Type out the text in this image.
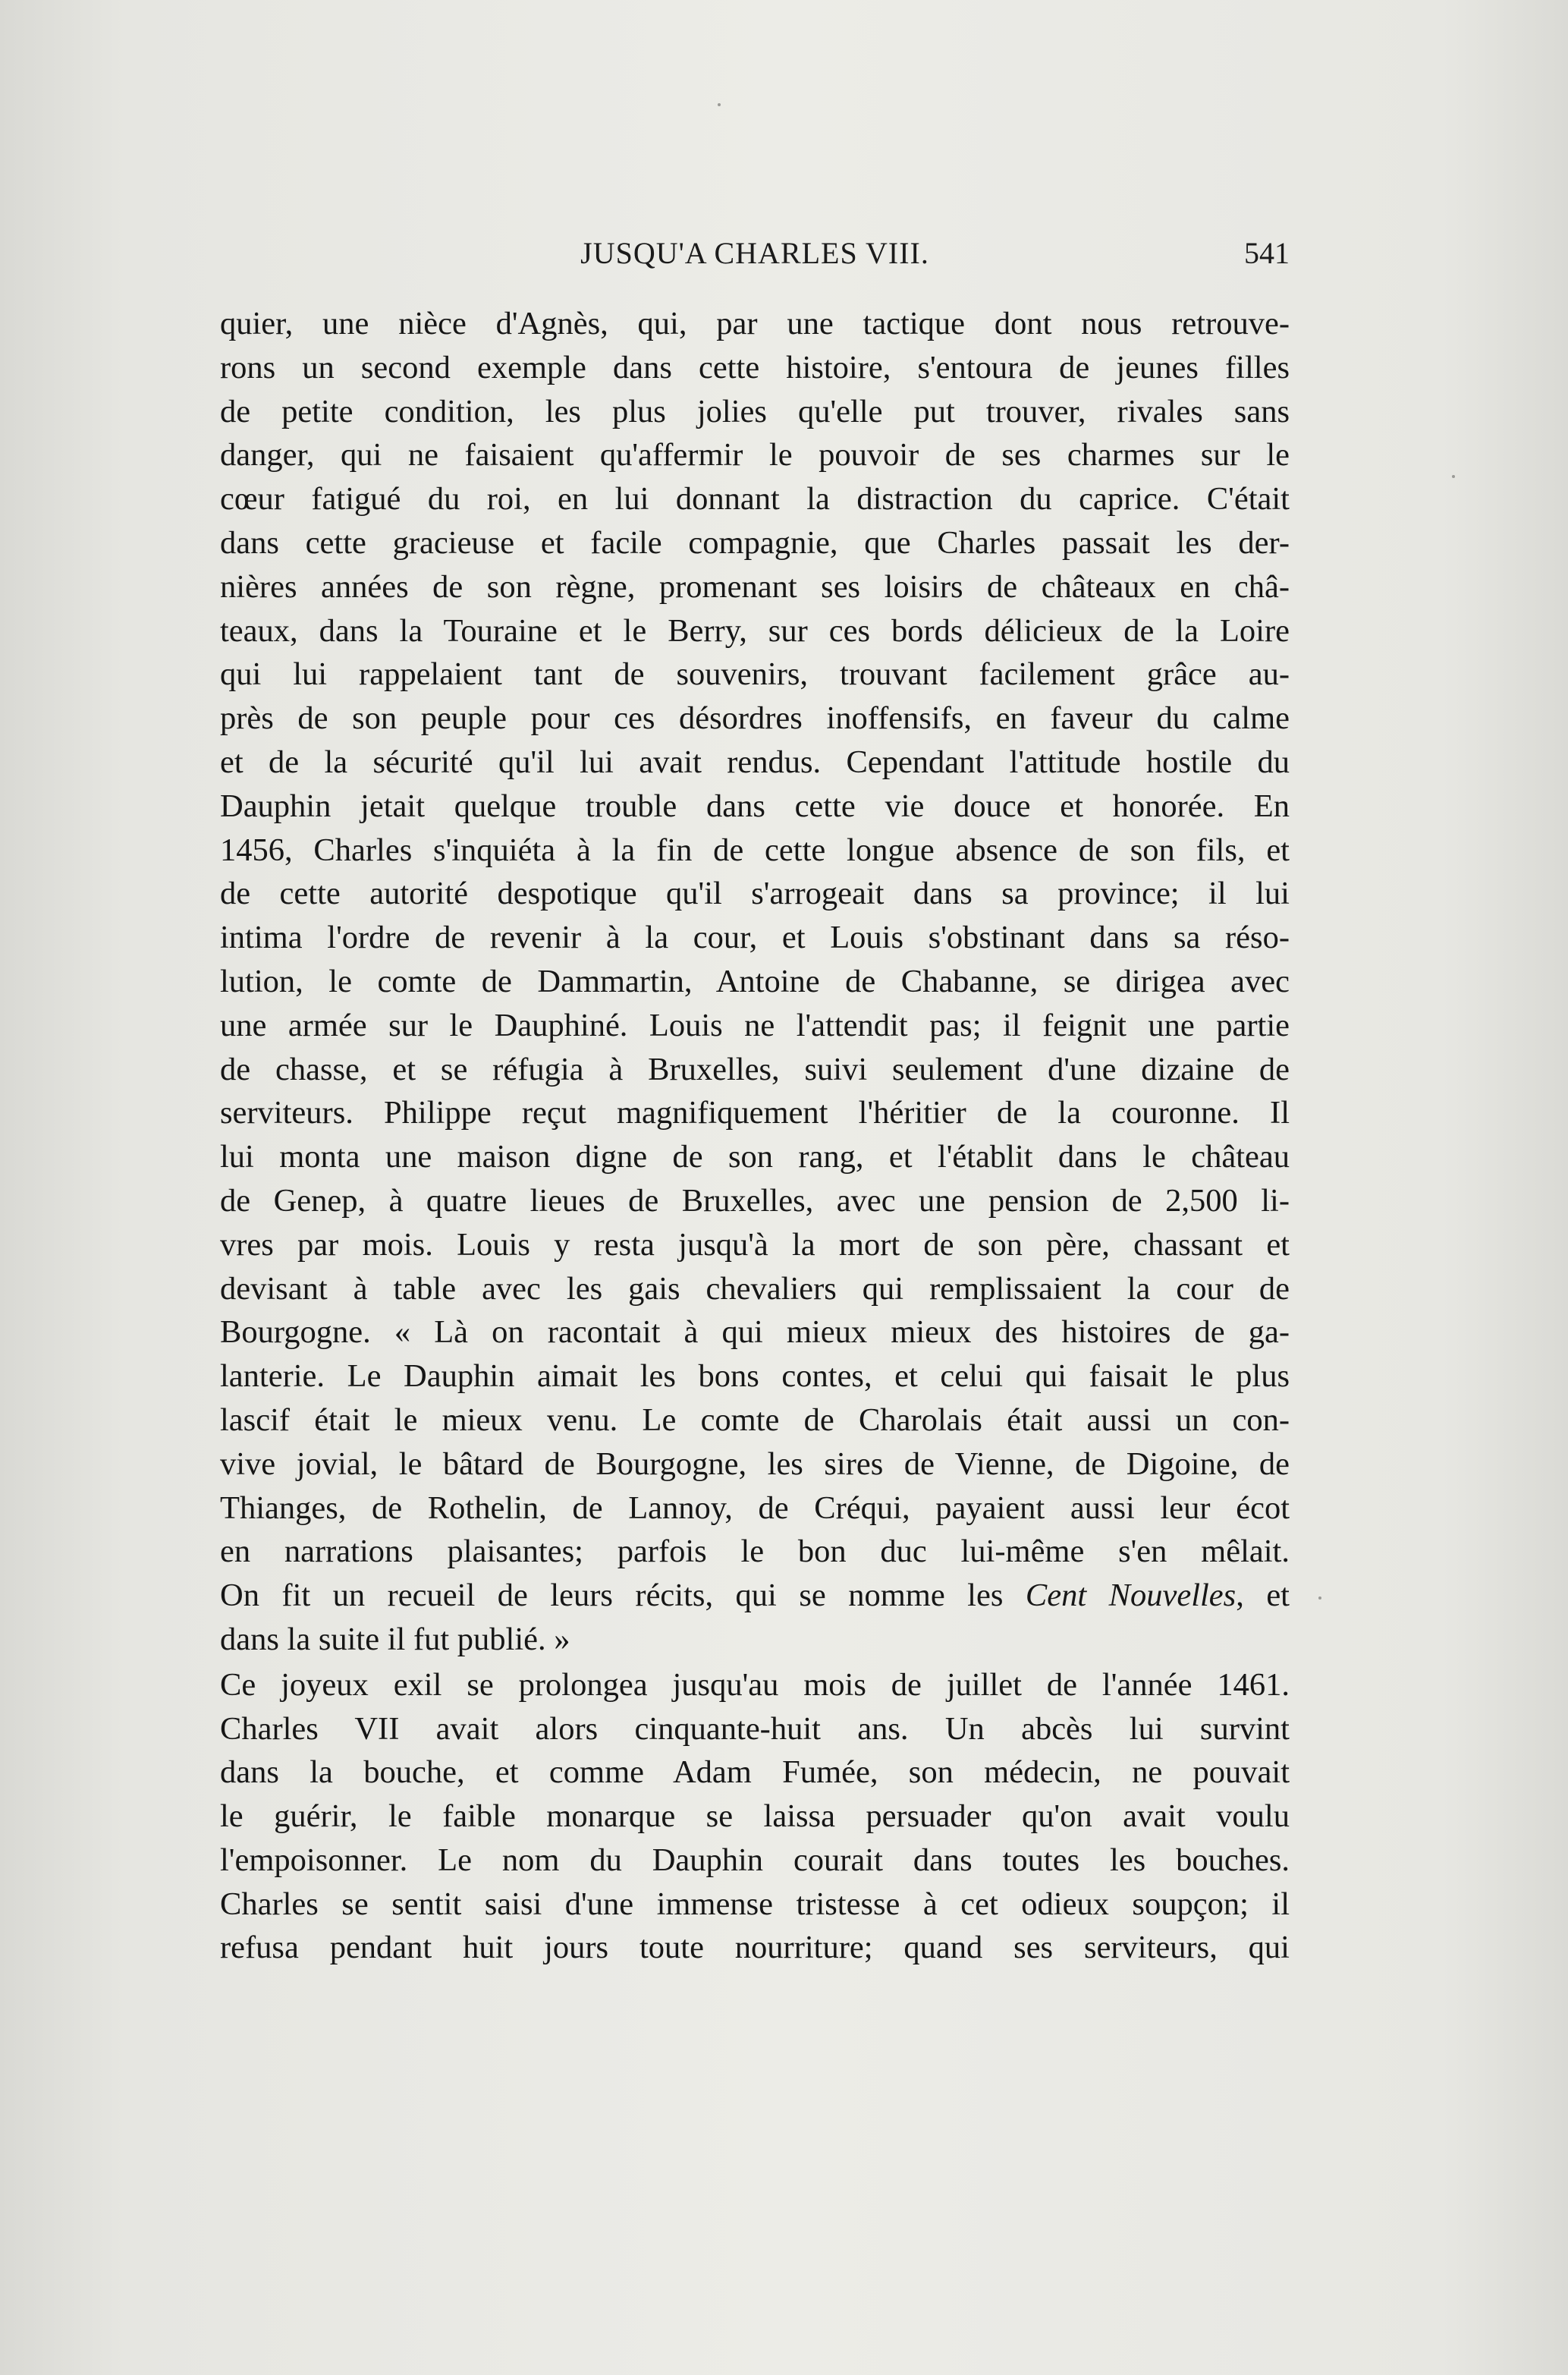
JUSQU'A CHARLES VIII.	541
quier, une nièce d'Agnès, qui, par une tactique dont nous retrouve-
rons un second exemple dans cette histoire, s'entoura de jeunes filles
de petite condition, les plus jolies qu'elle put trouver, rivales sans
danger, qui ne faisaient qu'affermir le pouvoir de ses charmes sur le
cœur fatigué du roi, en lui donnant la distraction du caprice. C'était
dans cette gracieuse et facile compagnie, que Charles passait les der-
nières années de son règne, promenant ses loisirs de châteaux en châ-
teaux, dans la Touraine et le Berry, sur ces bords délicieux de la Loire
qui lui rappelaient tant de souvenirs, trouvant facilement grâce au-
près de son peuple pour ces désordres inoffensifs, en faveur du calme
et de la sécurité qu'il lui avait rendus. Cependant l'attitude hostile du
Dauphin jetait quelque trouble dans cette vie douce et honorée. En
1456, Charles s'inquiéta à la fin de cette longue absence de son fils, et
de cette autorité despotique qu'il s'arrogeait dans sa province; il lui
intima l'ordre de revenir à la cour, et Louis s'obstinant dans sa réso-
lution, le comte de Dammartin, Antoine de Chabanne, se dirigea avec
une armée sur le Dauphiné. Louis ne l'attendit pas; il feignit une partie
de chasse, et se réfugia à Bruxelles, suivi seulement d'une dizaine de
serviteurs. Philippe reçut magnifiquement l'héritier de la couronne. Il
lui monta une maison digne de son rang, et l'établit dans le château
de Genep, à quatre lieues de Bruxelles, avec une pension de 2,500 li-
vres par mois. Louis y resta jusqu'à la mort de son père, chassant et
devisant à table avec les gais chevaliers qui remplissaient la cour de
Bourgogne. « Là on racontait à qui mieux mieux des histoires de ga-
lanterie. Le Dauphin aimait les bons contes, et celui qui faisait le plus
lascif était le mieux venu. Le comte de Charolais était aussi un con-
vive jovial, le bâtard de Bourgogne, les sires de Vienne, de Digoine, de
Thianges, de Rothelin, de Lannoy, de Créqui, payaient aussi leur écot
en narrations plaisantes; parfois le bon duc lui-même s'en mêlait.
On fit un recueil de leurs récits, qui se nomme les Cent Nouvelles, et
dans la suite il fut publié. »
Ce joyeux exil se prolongea jusqu'au mois de juillet de l'année 1461.
Charles VII avait alors cinquante-huit ans. Un abcès lui survint
dans la bouche, et comme Adam Fumée, son médecin, ne pouvait
le guérir, le faible monarque se laissa persuader qu'on avait voulu
l'empoisonner. Le nom du Dauphin courait dans toutes les bouches.
Charles se sentit saisi d'une immense tristesse à cet odieux soupçon; il
refusa pendant huit jours toute nourriture; quand ses serviteurs, qui
